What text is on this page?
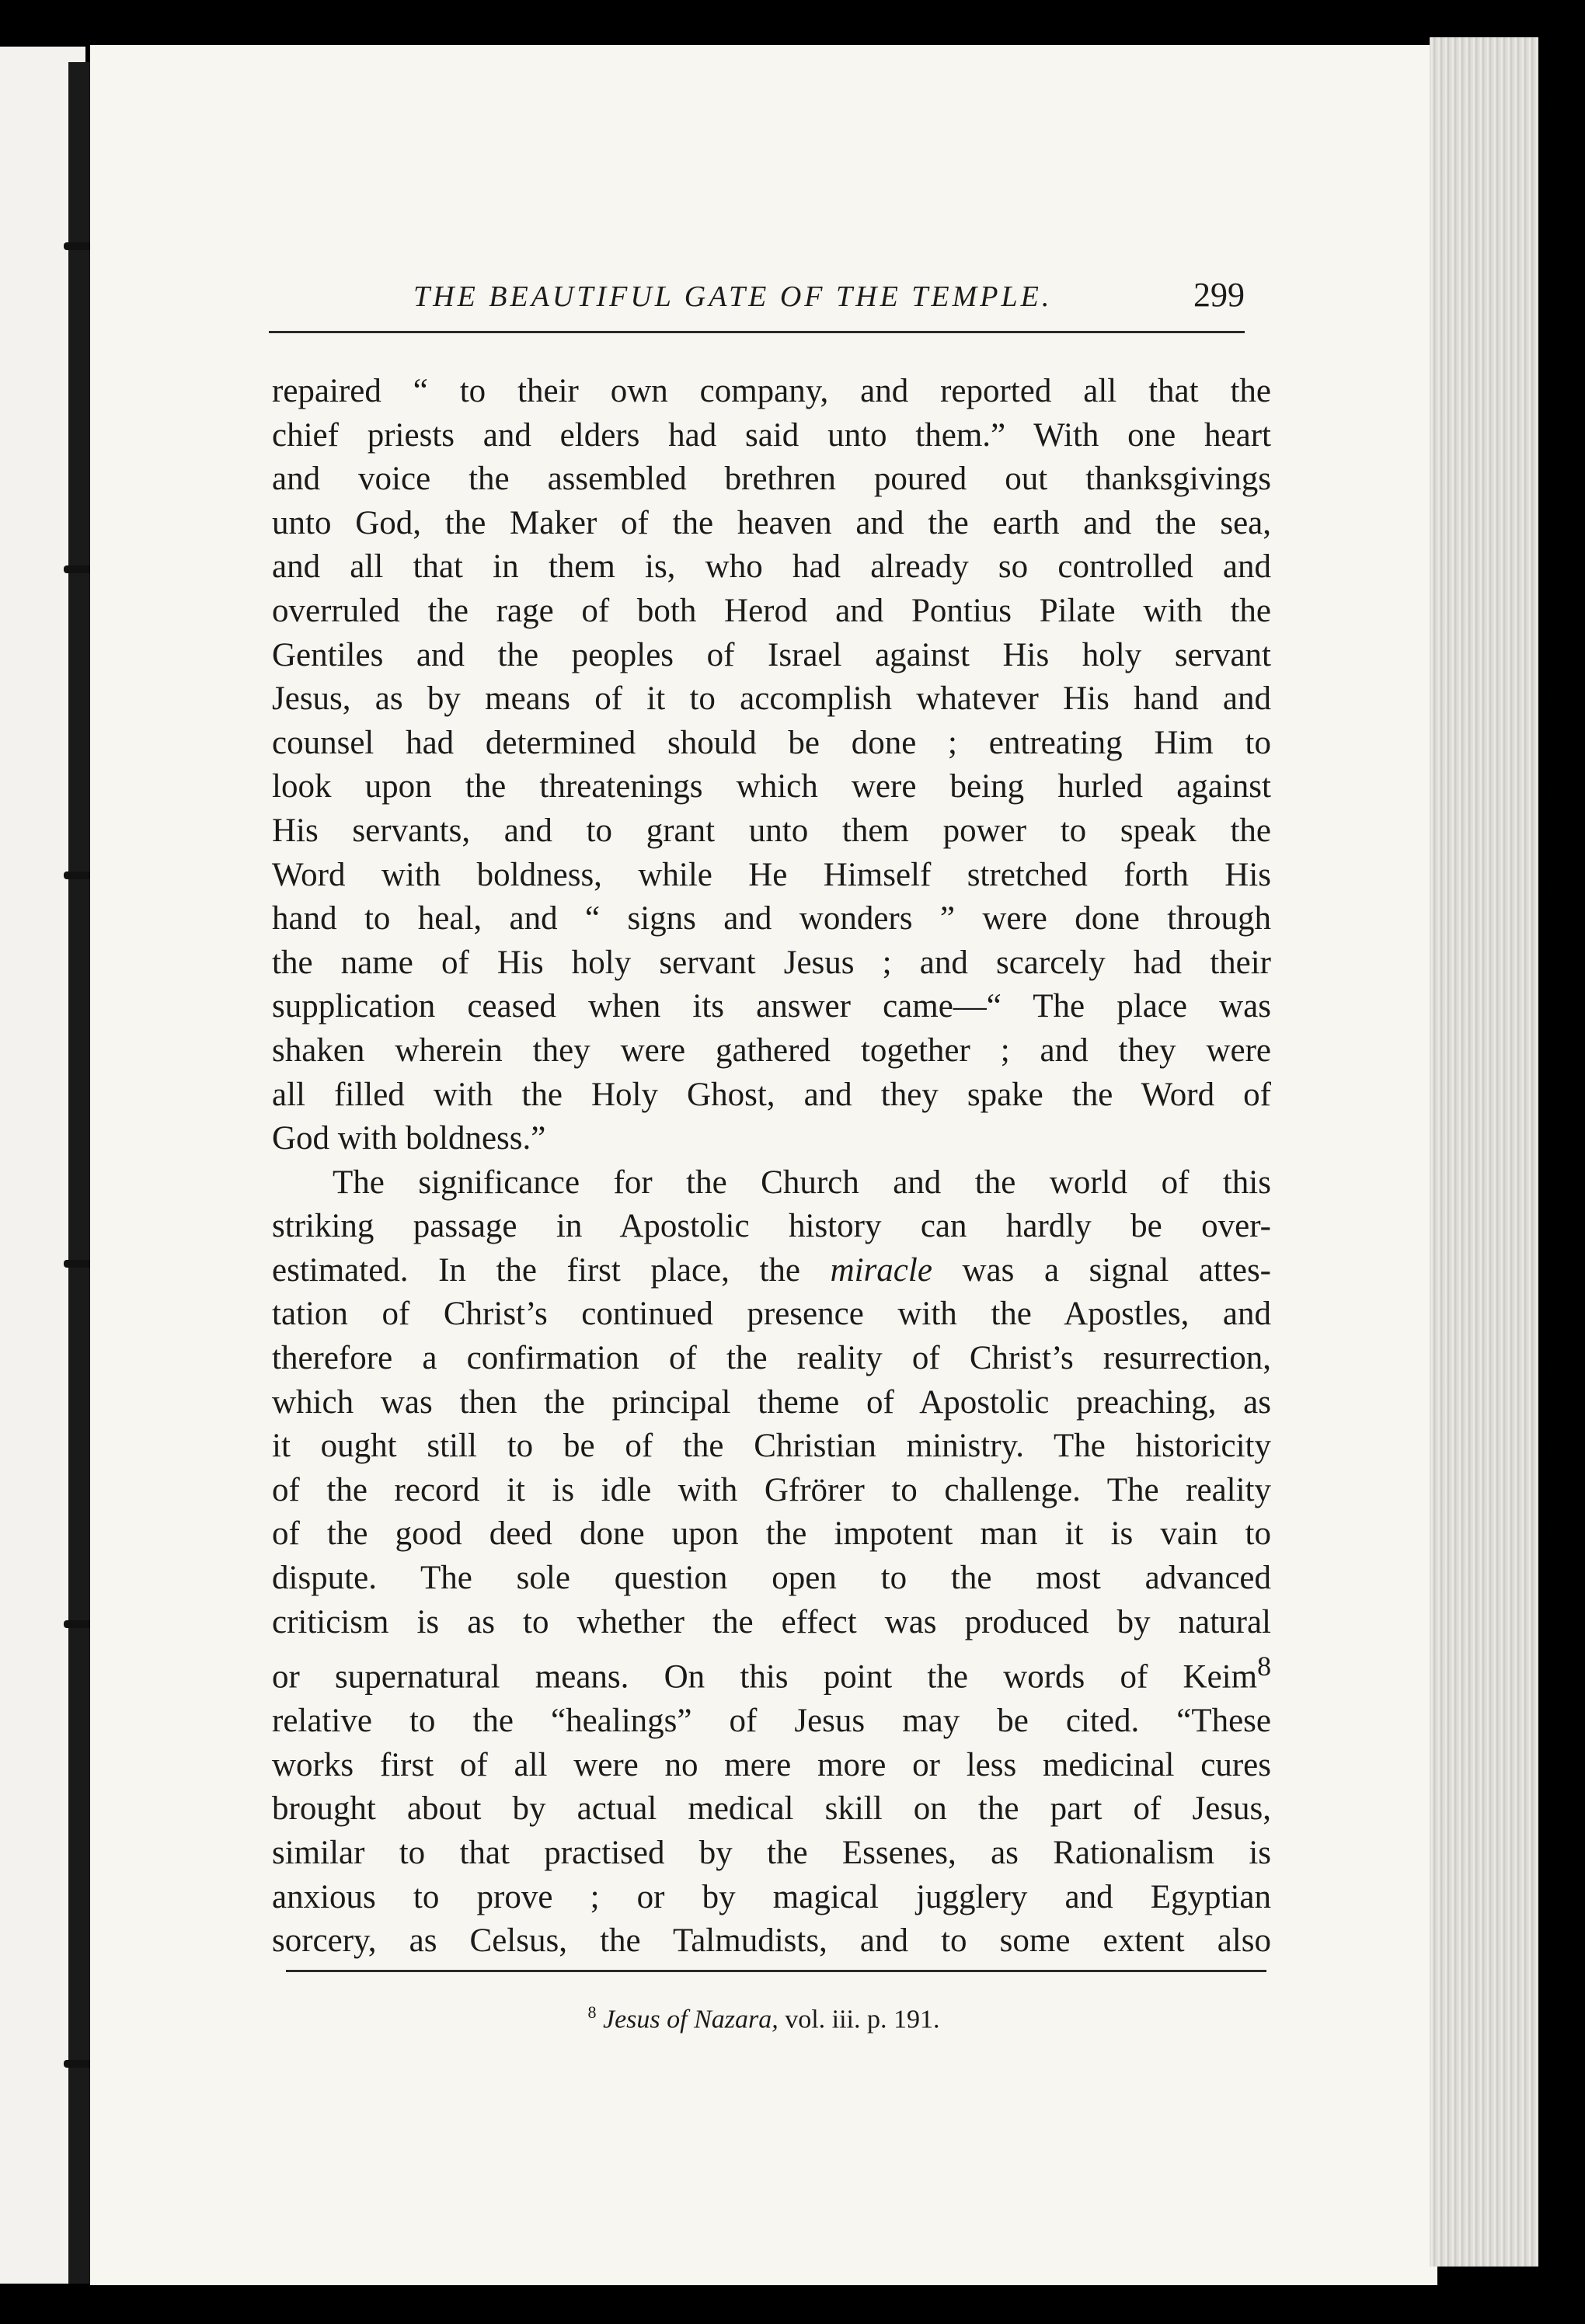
THE BEAUTIFUL GATE OF THE TEMPLE.	299
repaired “ to their own company, and reported all that the
chief priests and elders had said unto them.” With one heart
and voice the assembled brethren poured out thanksgivings
unto God, the Maker of the heaven and the earth and the sea,
and all that in them is, who had already so controlled and
overruled the rage of both Herod and Pontius Pilate with the
Gentiles and the peoples of Israel against His holy servant
Jesus, as by means of it to accomplish whatever His hand and
counsel had determined should be done ; entreating Him to
look upon the threatenings which were being hurled against
His servants, and to grant unto them power to speak the
Word with boldness, while He Himself stretched forth His
hand to heal, and “ signs and wonders ” were done through
the name of His holy servant Jesus ; and scarcely had their
supplication ceased when its answer came—“ The place was
shaken wherein they were gathered together ; and they were
all filled with the Holy Ghost, and they spake the Word of
God with boldness.”
The significance for the Church and the world of this
striking passage in Apostolic history can hardly be over-
estimated. In the first place, the miracle was a signal attes-
tation of Christ’s continued presence with the Apostles, and
therefore a confirmation of the reality of Christ’s resurrection,
which was then the principal theme of Apostolic preaching, as
it ought still to be of the Christian ministry. The historicity
of the record it is idle with Gfrörer to challenge. The reality
of the good deed done upon the impotent man it is vain to
dispute. The sole question open to the most advanced
criticism is as to whether the effect was produced by natural
or supernatural means. On this point the words of Keim$^8$
relative to the “healings” of Jesus may be cited. “These
works first of all were no mere more or less medicinal cures
brought about by actual medical skill on the part of Jesus,
similar to that practised by the Essenes, as Rationalism is
anxious to prove ; or by magical jugglery and Egyptian
sorcery, as Celsus, the Talmudists, and to some extent also
$^8$ Jesus of Nazara, vol. iii. p. 191.
